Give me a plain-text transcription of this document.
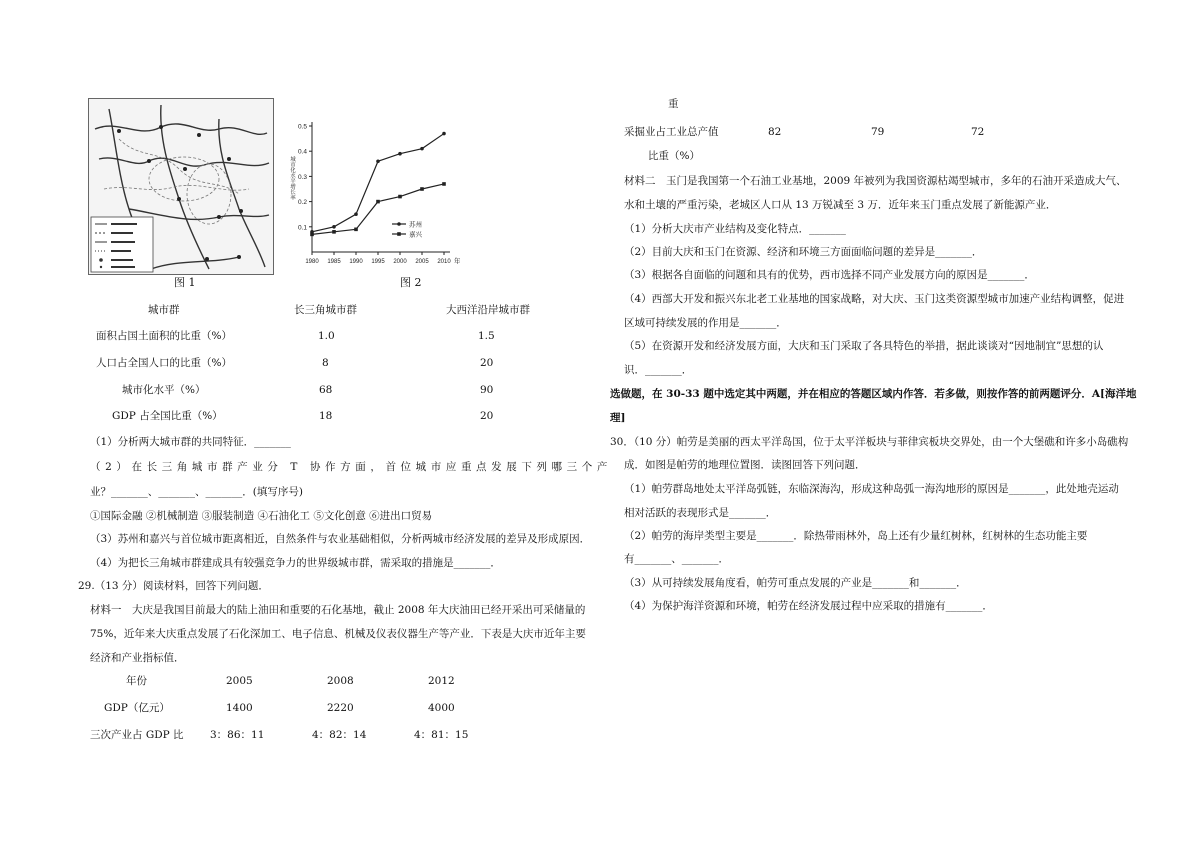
图 1
0.1
0.2
0.3
0.4
0.5
1980 1985 1990 1995 2000 2005 2010 年
城市化水平增长率
苏州
嘉兴
图 2
城市群	长三角城市群	大西洋沿岸城市群
面积占国土面积的比重（%）	1.0	1.5
人口占全国人口的比重（%）	8	20
城市化水平（%）	68	90
GDP 占全国比重（%）	18	20
（1）分析两大城市群的共同特征．_______
（2）在长三角城市群产业分 T 协作方面，首位城市应重点发展下列哪三个产
业？_______、_______、_______．(填写序号)
①国际金融 ②机械制造 ③服装制造 ④石油化工 ⑤文化创意 ⑥进出口贸易
（3）苏州和嘉兴与首位城市距离相近，自然条件与农业基础相似，分析两城市经济发展的差异及形成原因．
（4）为把长三角城市群建成具有较强竞争力的世界级城市群，需采取的措施是_______．
29.（13 分）阅读材料，回答下列问题．
材料一　大庆是我国目前最大的陆上油田和重要的石化基地，截止 2008 年大庆油田已经开采出可采储量的
75%，近年来大庆重点发展了石化深加工、电子信息、机械及仪表仪器生产等产业．下表是大庆市近年主要
经济和产业指标值．
年份	2005	2008	2012
GDP（亿元）	1400	2220	4000
三次产业占 GDP 比	3：86：11	4：82：14	4：81：15
重
采掘业占工业总产值	82	79	72
比重（%）
材料二　玉门是我国第一个石油工业基地，2009 年被列为我国资源枯竭型城市，多年的石油开采造成大气、
水和土壤的严重污染，老城区人口从 13 万锐减至 3 万．近年来玉门重点发展了新能源产业．
（1）分析大庆市产业结构及变化特点．_______
（2）目前大庆和玉门在资源、经济和环境三方面面临问题的差异是_______．
（3）根据各自面临的问题和具有的优势，西市选择不同产业发展方向的原因是_______．
（4）西部大开发和振兴东北老工业基地的国家战略，对大庆、玉门这类资源型城市加速产业结构调整，促进
区域可持续发展的作用是_______．
（5）在资源开发和经济发展方面，大庆和玉门采取了各具特色的举措，据此谈谈对“因地制宜”思想的认
识．_______．
选做题，在 30-33 题中选定其中两题，并在相应的答题区域内作答．若多做，则按作答的前两题评分．A[海洋地
理]
30．（10 分）帕劳是美丽的西太平洋岛国，位于太平洋板块与菲律宾板块交界处，由一个大堡礁和许多小岛礁构
成．如图是帕劳的地理位置图．读图回答下列问题．
（1）帕劳群岛地处太平洋岛弧链，东临深海沟，形成这种岛弧一海沟地形的原因是_______，此处地壳运动
相对活跃的表现形式是_______．
（2）帕劳的海岸类型主要是_______．除热带雨林外，岛上还有少量红树林，红树林的生态功能主要
有_______、_______．
（3）从可持续发展角度看，帕劳可重点发展的产业是_______和_______．
（4）为保护海洋资源和环境，帕劳在经济发展过程中应采取的措施有_______．
